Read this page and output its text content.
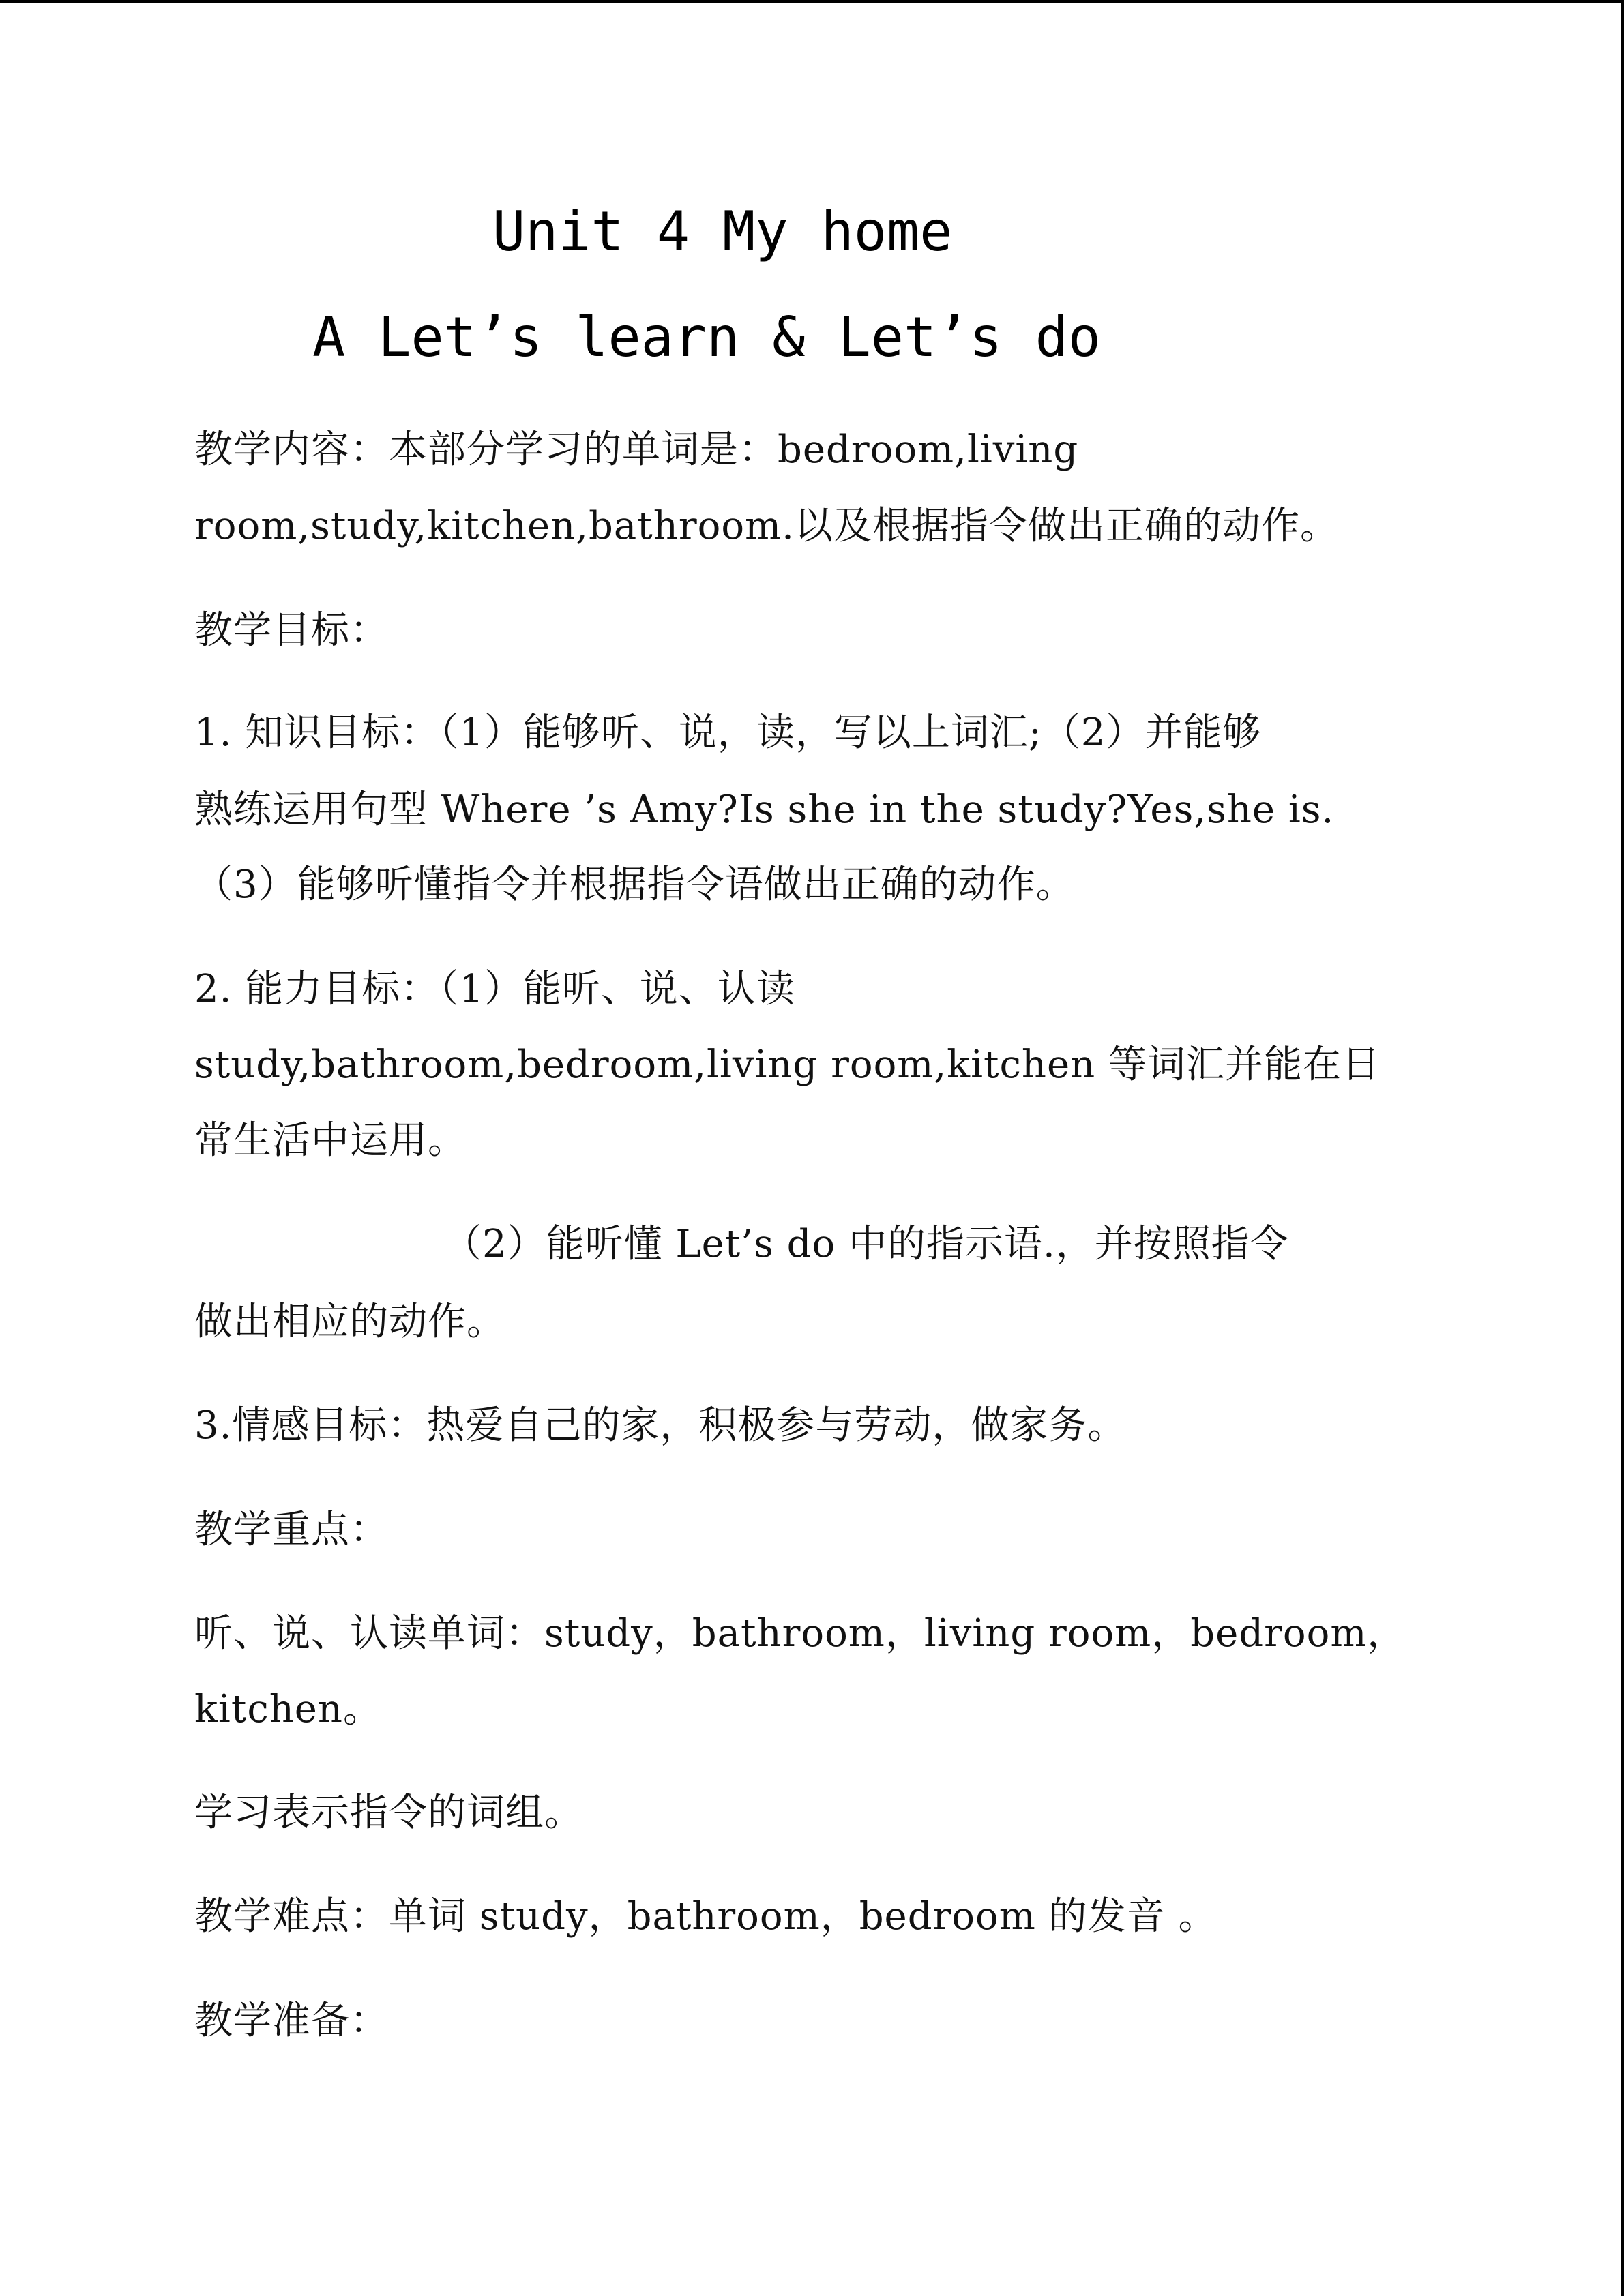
Unit 4 My home
A Let’s learn & Let’s do
教学内容：本部分学习的单词是：bedroom,living
room,study,kitchen,bathroom.以及根据指令做出正确的动作。
教学目标：
1. 知识目标：（1）能够听、说，读，写以上词汇;（2）并能够
熟练运用句型 Where ’s Amy?Is she in the study?Yes,she is.
（3）能够听懂指令并根据指令语做出正确的动作。
2. 能力目标：（1）能听、说、认读
study,bathroom,bedroom,living room,kitchen 等词汇并能在日
常生活中运用。
（2）能听懂 Let’s do 中的指示语.，并按照指令
做出相应的动作。
3.情感目标：热爱自己的家，积极参与劳动，做家务。
教学重点：
听、说、认读单词：study，bathroom，living room，bedroom，
kitchen。
学习表示指令的词组。
教学难点：单词 study，bathroom，bedroom 的发音 。
教学准备：
